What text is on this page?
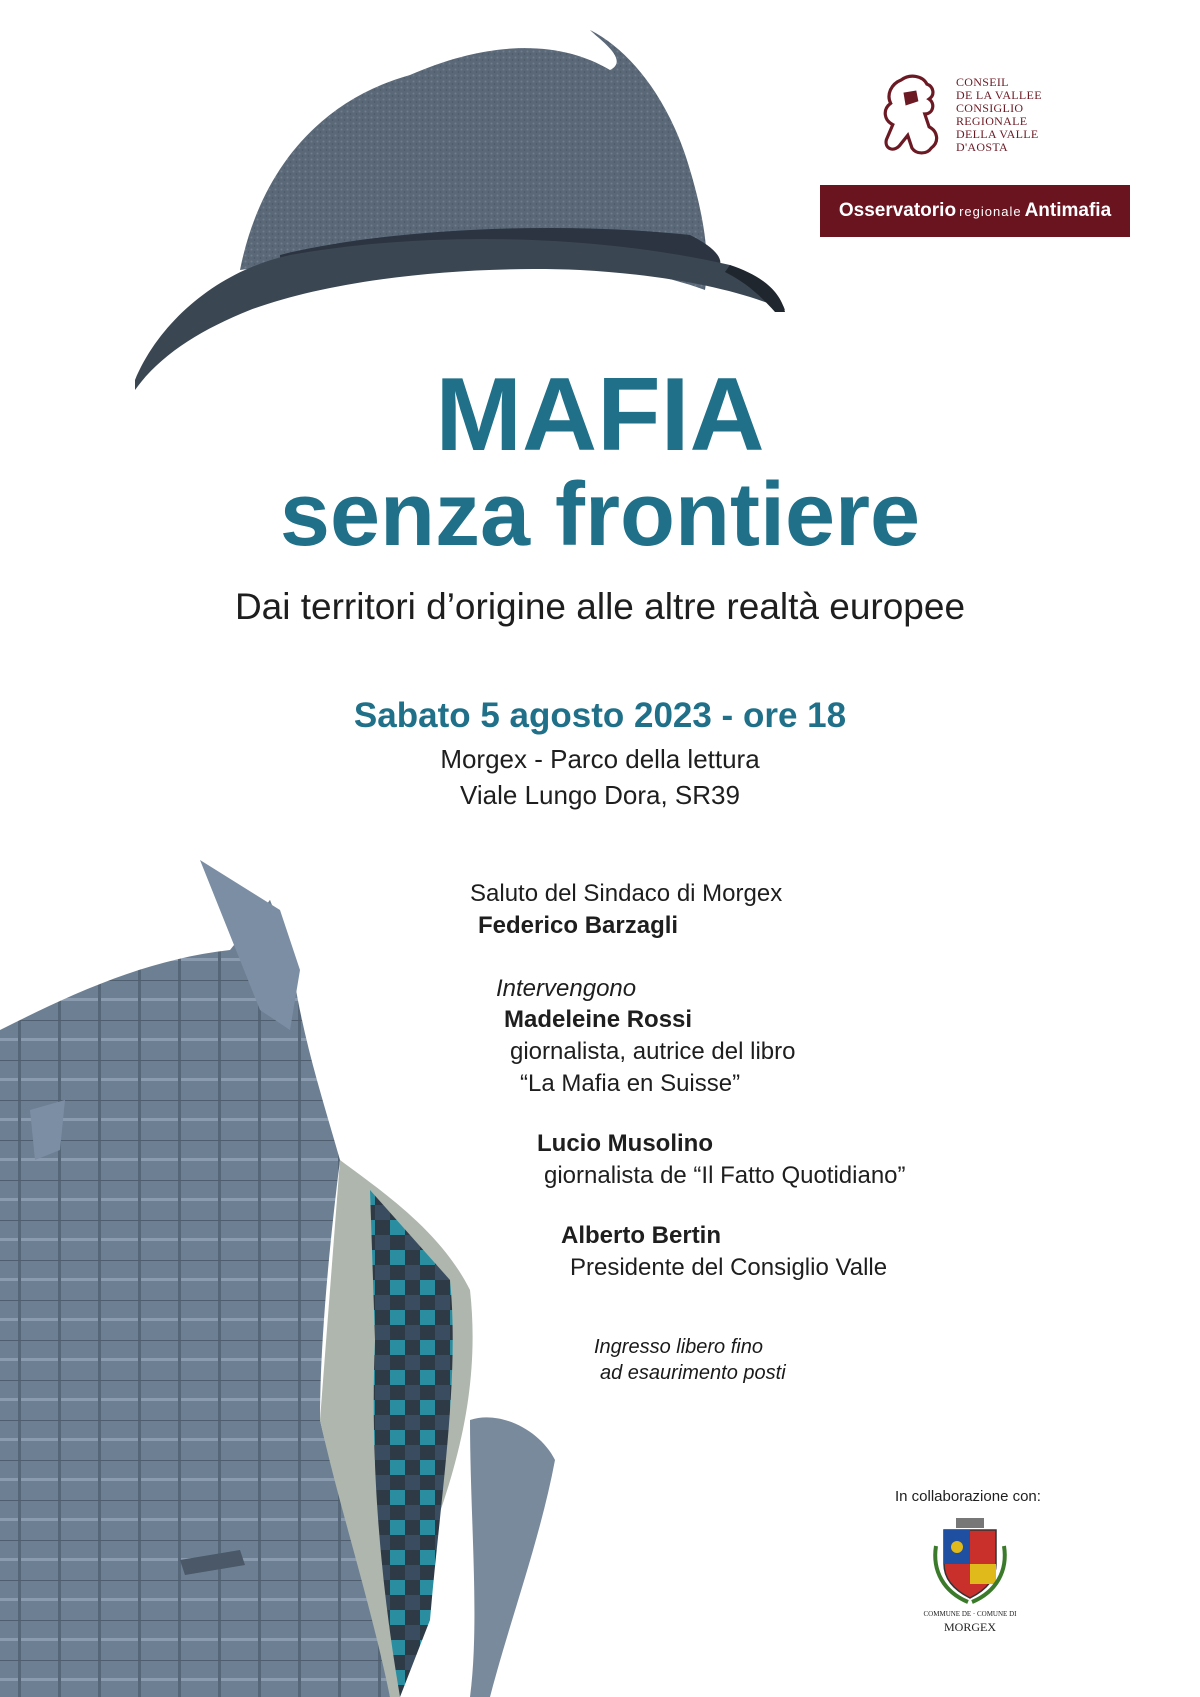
CONSEIL
DE LA VALLEE
CONSIGLIO
REGIONALE
DELLA VALLE
D'AOSTA
Osservatorio regionale Antimafia
MAFIA
senza frontiere
Dai territori d’origine alle altre realtà europee
Sabato 5 agosto 2023 - ore 18
Morgex - Parco della lettura
Viale Lungo Dora, SR39
Saluto del Sindaco di Morgex
Federico Barzagli
Intervengono
Madeleine Rossi
giornalista, autrice del libro
“La Mafia en Suisse”
Lucio Musolino
giornalista de “Il Fatto Quotidiano”
Alberto Bertin
Presidente del Consiglio Valle
Ingresso libero fino
ad esaurimento posti
In collaborazione con:
COMMUNE DE · COMUNE DI
MORGEX
